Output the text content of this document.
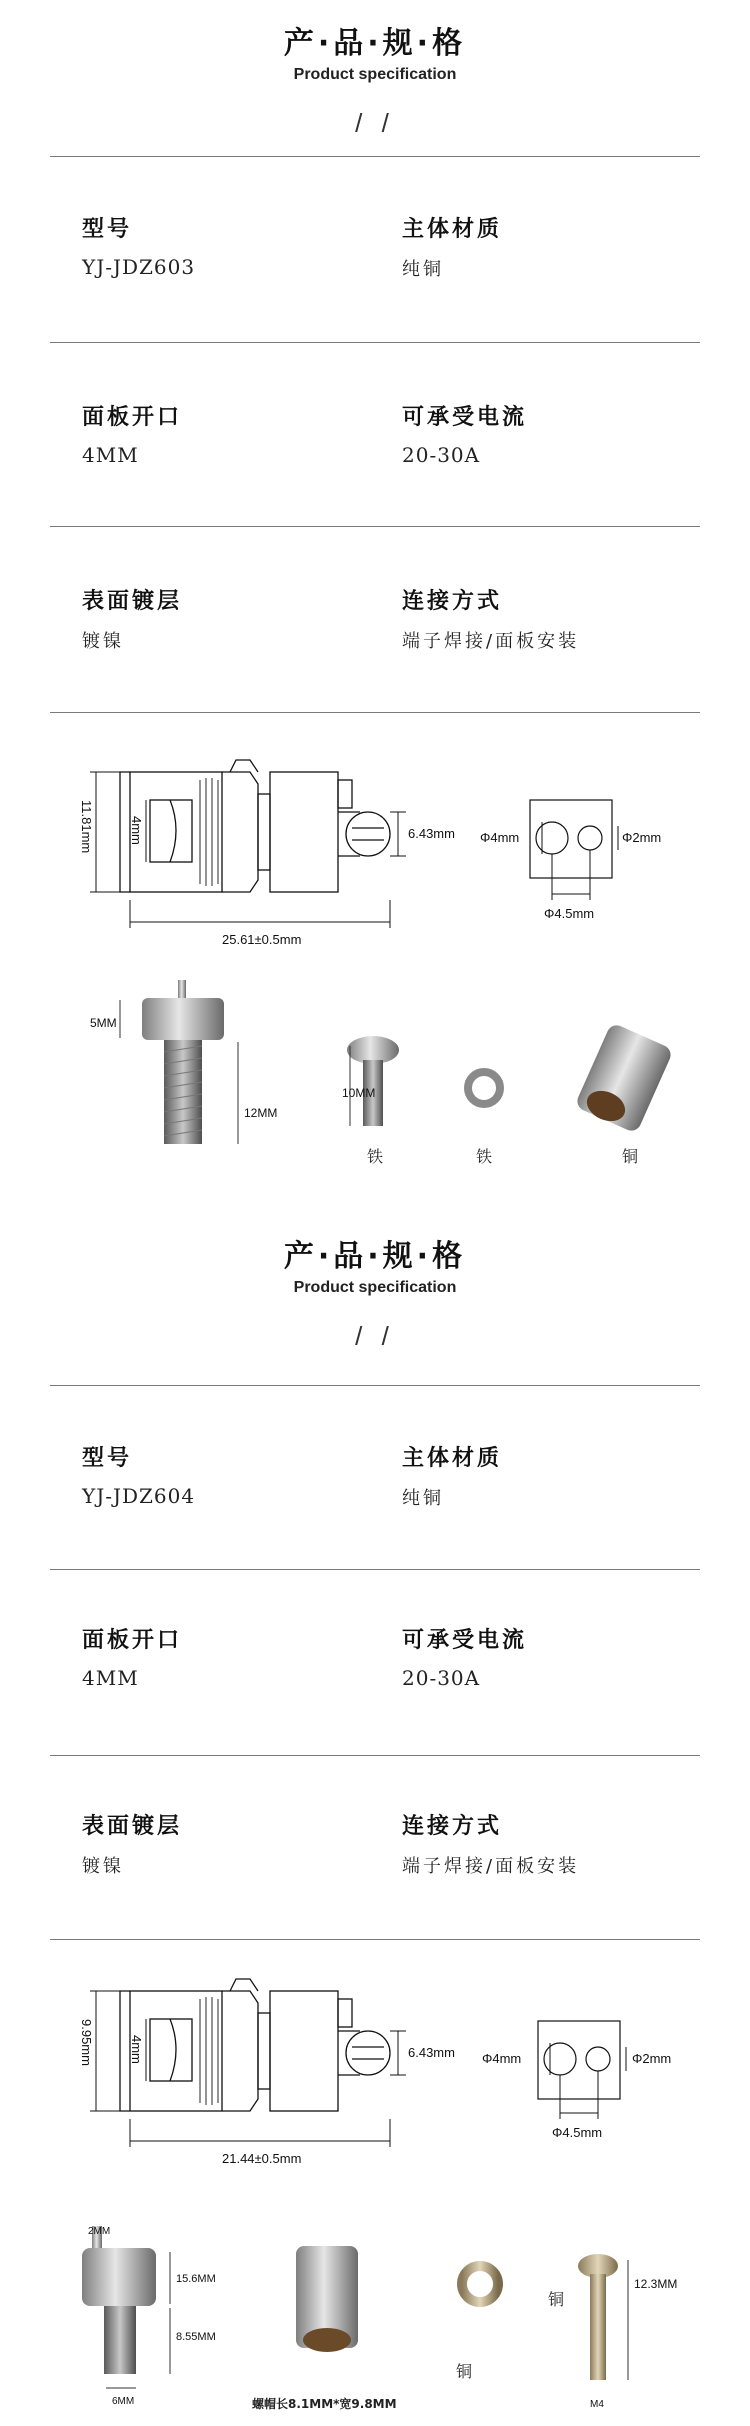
产·品·规·格
Product specification
/ /
型号
YJ-JDZ603
主体材质
纯铜
面板开口
4MM
可承受电流
20-30A
表面镀层
镀镍
连接方式
端子焊接/面板安装
11.81mm	4mm	6.43mm
25.61±0.5mm
Φ4mm	Φ2mm
Φ4.5mm
5MM
12MM
10MM
铁	铁	铜
产·品·规·格
Product specification
/ /
型号
YJ-JDZ604
主体材质
纯铜
面板开口
4MM
可承受电流
20-30A
表面镀层
镀镍
连接方式
端子焊接/面板安装
9.95mm	4mm	6.43mm
21.44±0.5mm
Φ4mm	Φ2mm
Φ4.5mm
2MM
15.6MM
8.55MM
6MM	螺帽长8.1MM*宽9.8MM
铜
铜
12.3MM
M4
